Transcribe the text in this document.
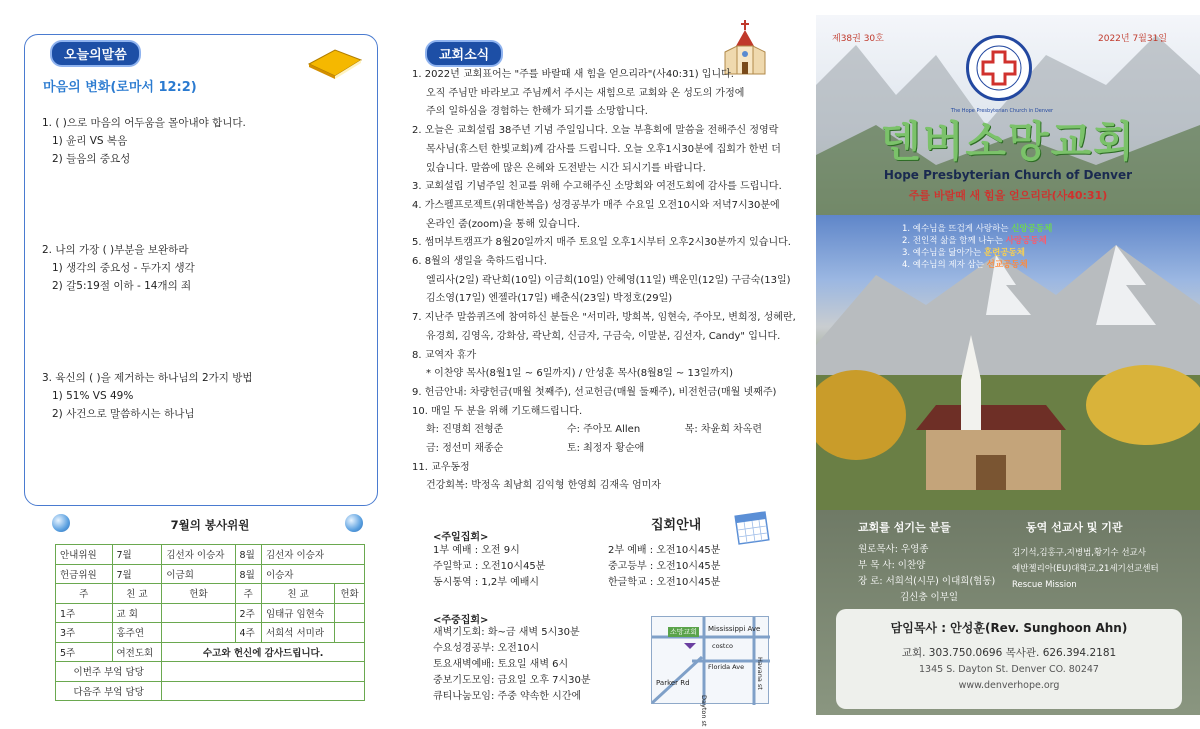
오늘의말씀
마음의 변화(로마서 12:2)
1. ( )으로 마음의 어두움을 몰아내야 합니다.
1) 윤리 VS 복음
2) 들음의 중요성
2. 나의 가장 ( )부분을 보완하라
1) 생각의 중요성 - 두가지 생각
2) 갈5:19절 이하 - 14개의 죄
3. 육신의 ( )을 제거하는 하나님의 2가지 방법
1) 51% VS 49%
2) 사건으로 말씀하시는 하나님
7월의 봉사위원
안내위원	7월	김선자 이승자	8월	김선자 이승자	
헌금위원	7월	이금희	8월	이승자	
주	친 교	헌화	주	친 교	헌화
1주	교 회		2주	임태규 임현숙	
3주	홍주연		4주	서희석 서미라	
5주	여전도회	수고와 헌신에 감사드립니다.			
이번주 부엌 담당					
다음주 부엌 담당					
교회소식
1. 2022년 교회표어는 "주를 바랄때 새 힘을 얻으리라"(사40:31) 입니다.
오직 주님만 바라보고 주님께서 주시는 새힘으로 교회와 온 성도의 가정에
주의 일하심을 경험하는 한해가 되기를 소망합니다.
2. 오늘은 교회설립 38주년 기념 주일입니다. 오늘 부흥회에 말씀을 전해주신 정영락
목사님(휴스턴 한빛교회)께 감사를 드립니다. 오늘 오후1시30분에 집회가 한번 더
있습니다. 말씀에 많은 은혜와 도전받는 시간 되시기를 바랍니다.
3. 교회설립 기념주일 친교를 위해 수고해주신 소망회와 여전도회에 감사를 드립니다.
4. 가스펠프로젝트(위대한복음) 성경공부가 매주 수요일 오전10시와 저녁7시30분에
온라인 줌(zoom)을 통해 있습니다.
5. 썸머부트캠프가 8월20일까지 매주 토요일 오후1시부터 오후2시30분까지 있습니다.
6. 8월의 생일을 축하드립니다.
엘리사(2일) 곽난희(10일) 이금희(10일) 안혜영(11일) 백운민(12일) 구금숙(13일)
김소영(17일) 엔젤라(17일) 배춘식(23일) 박정호(29일)
7. 지난주 말씀퀴즈에 참여하신 분들은 "서미라, 방희복, 임현숙, 주아모, 변희정, 성혜란,
유경희, 김영옥, 강화삼, 곽난희, 신금자, 구금숙, 이말분, 김선자, Candy" 입니다.
8. 교역자 휴가
* 이찬양 목사(8월1일 ~ 6일까지) / 안성훈 목사(8월8일 ~ 13일까지)
9. 헌금안내: 차량헌금(매월 첫째주), 선교헌금(매월 둘째주), 비전헌금(매월 넷째주)
10. 매일 두 분을 위해 기도해드립니다.
화: 진명희 전형준                    수: 주아모 Allen              목: 차윤희 차옥련
금: 정선미 채종순                    토: 최정자 황순애
11. 교우동정
건강회복: 박정옥 최남희 김익형 한영희 김재옥 엄미자
집회안내
<주일집회>
1부 예배 : 오전 9시	2부 예배 : 오전10시45분
주일학교 : 오전10시45분	중고등부 : 오전10시45분
동시통역 : 1,2부 예배시	한글학교 : 오전10시45분
<주중집회>
새벽기도회: 화~금 새벽 5시30분
수요성경공부: 오전10시
토요새벽예배: 토요일 새벽 6시
중보기도모임: 금요일 오후 7시30분
큐티나눔모임: 주중 약속한 시간에
소망교회 Mississippi Ave
costco
Florida Ave
Parker Rd
Dayton st
Havana st
제38권 30호	2022년 7월31일
The Hope Presbyterian Church in Denver
덴버소망교회
Hope Presbyterian Church of Denver
주를 바랄때 새 힘을 얻으리라(사40:31)
1. 예수님을 뜨겁게 사랑하는 신앙공동체
2. 전인적 삶을 함께 나누는 사랑공동체
3. 예수님을 닮아가는 훈련공동체
4. 예수님의 제자 삼는 선교공동체
교회를 섬기는 분들	동역 선교사 및 기관
원로목사: 우영종
부 목 사: 이찬양
장 로: 서희석(시무) 이대희(협동)
김신충 이부일
김기석,김홍구,지병범,황기수 선교사
예반젤리아(EU)대학교,21세기선교센터
Rescue Mission
담임목사 : 안성훈(Rev. Sunghoon Ahn)
교회. 303.750.0696 목사관. 626.394.2181
1345 S. Dayton St. Denver CO. 80247
www.denverhope.org
